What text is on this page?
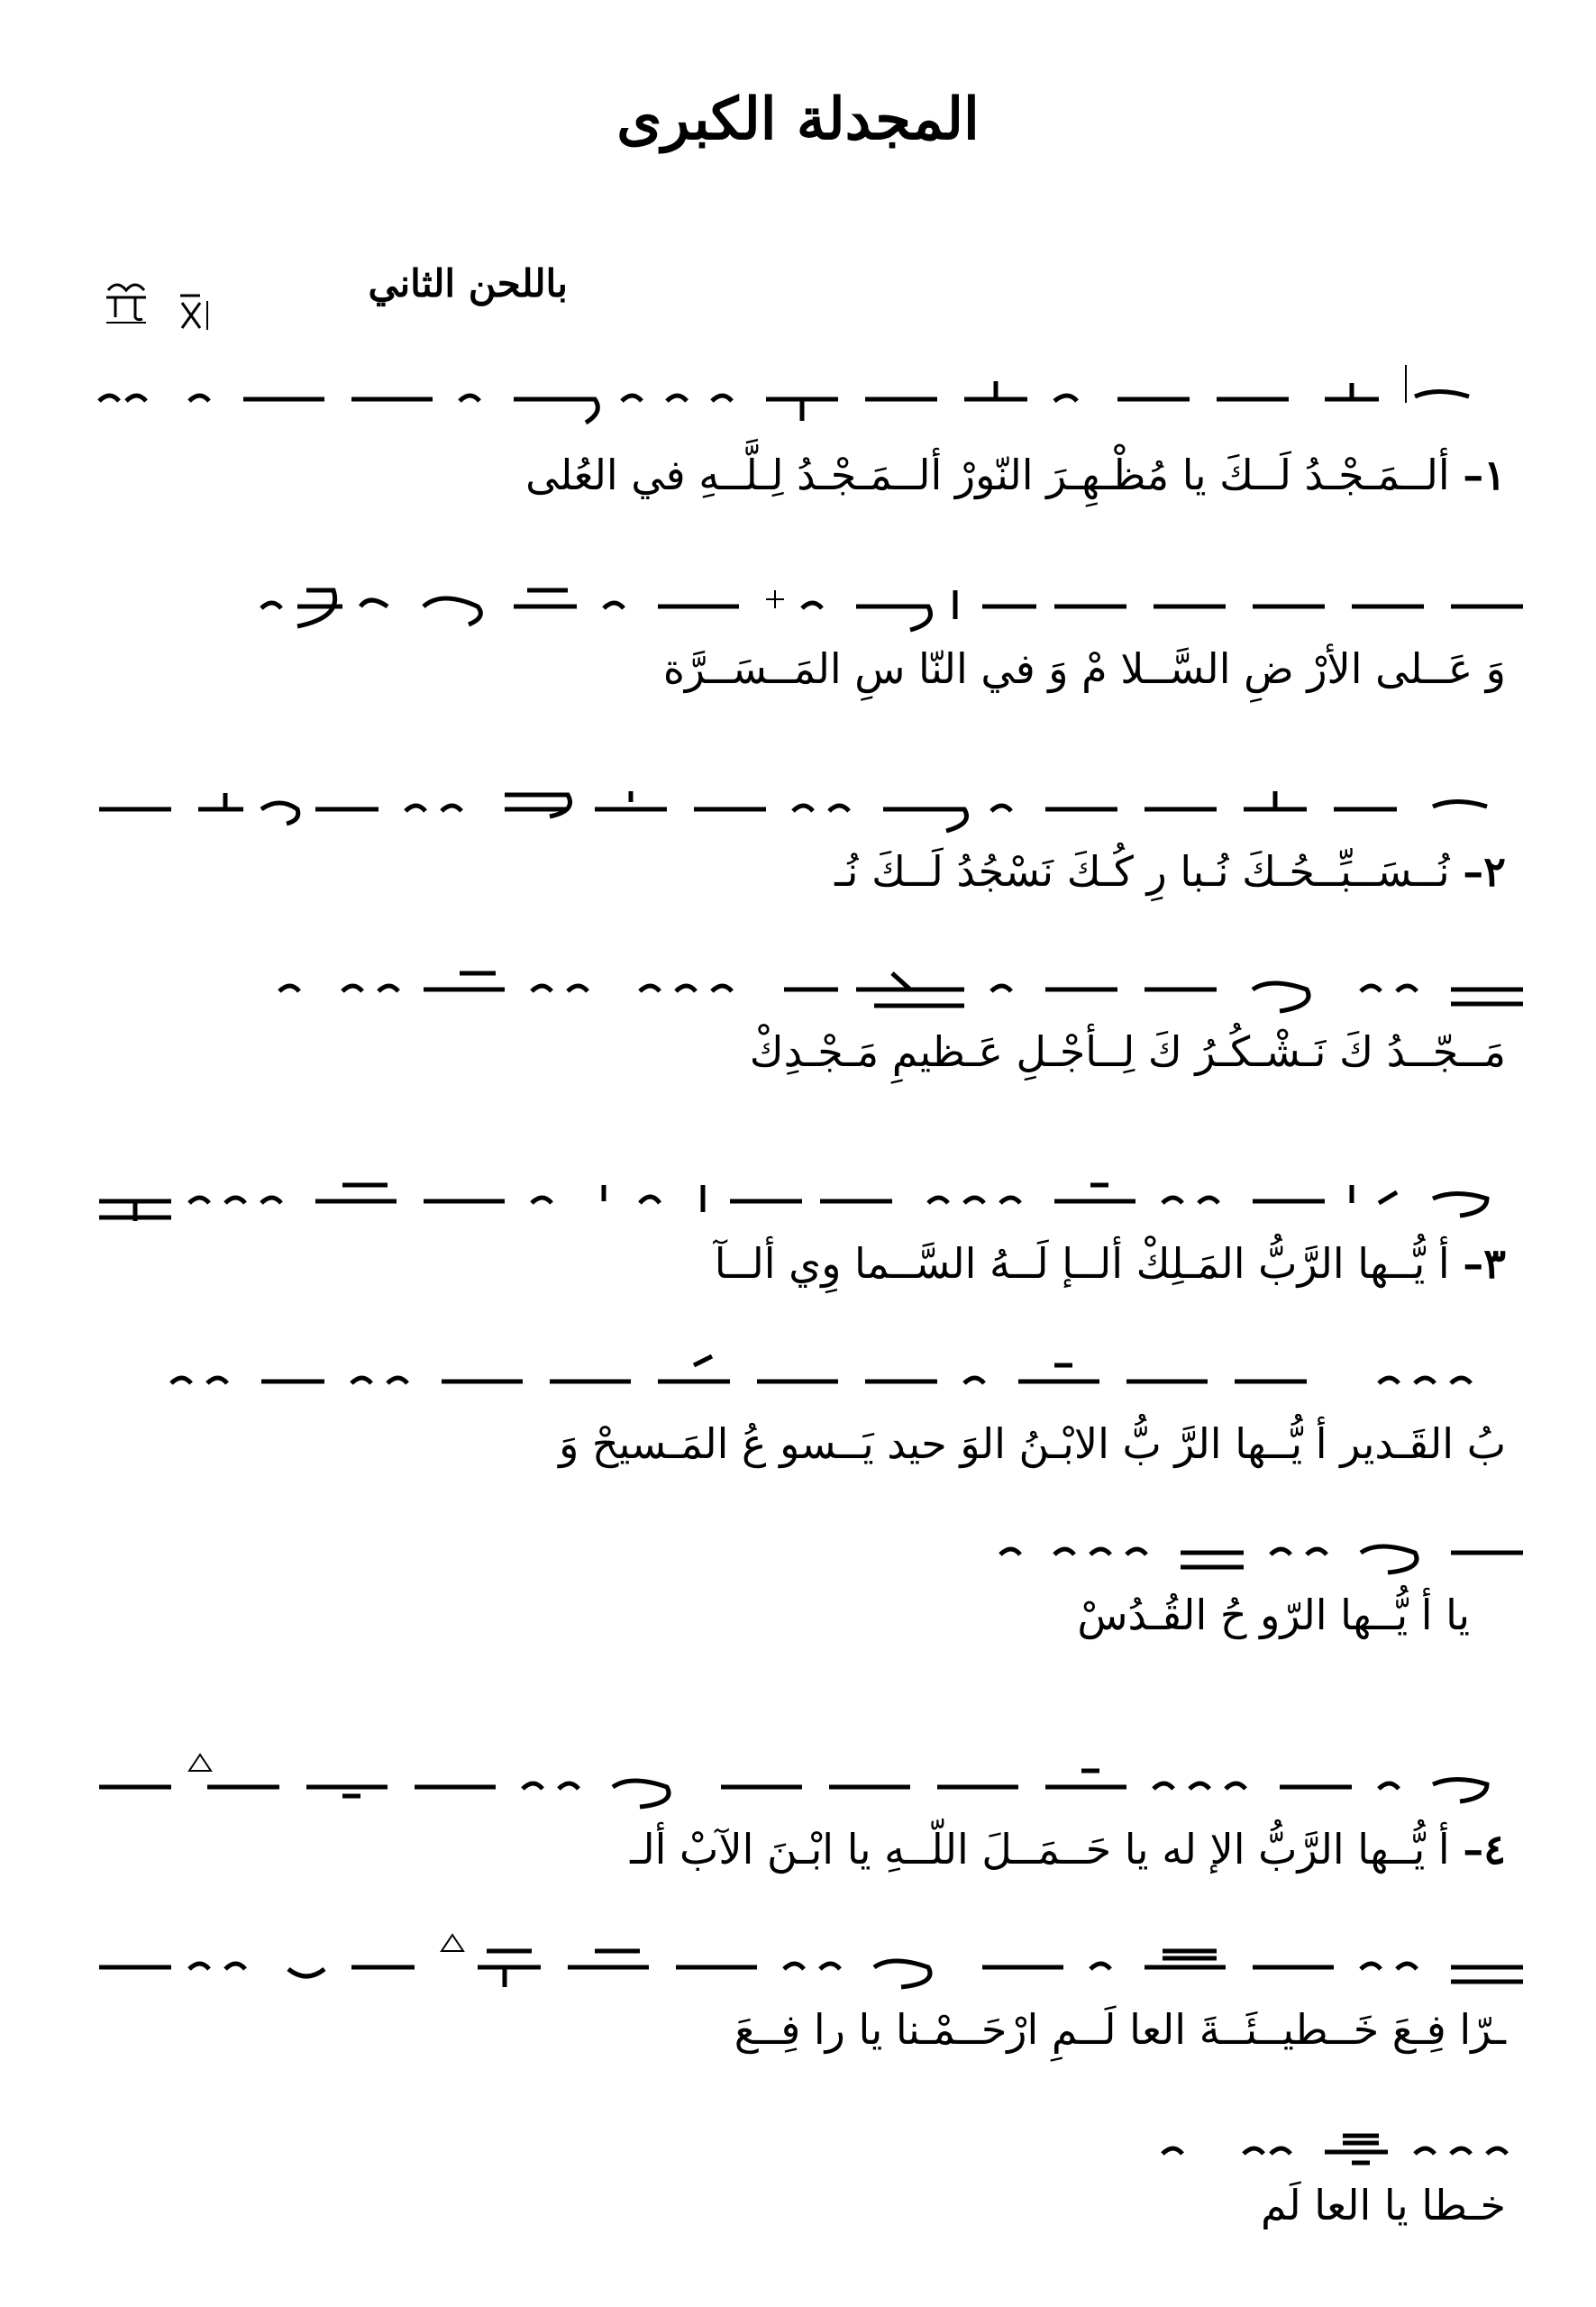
المجدلة الكبرى
باللحن الثاني
١– ألــمَـجْـدُ لَــكَ يا مُظْـهِـرَ النّورْ ألــمَـجْـدُ لِـلَّــهِ في العُلى
وَ عَــلى الأرْ ضِ السَّــلا مْ وَ في النّا سِ المَــسَــرَّة
٢– نُــسَــبِّــحُـكَ نُـبا رِ كُـكَ نَسْجُدُ لَــكَ نُـ
مَــجّــدُ كَ نَـشْـكُـرُ كَ لِــأجْـلِ عَـظيمِ مَـجْـدِكْ
٣– أ يُّــها الرَّبُّ المَـلِكْ ألــإ لَــهُ السَّــما وِي ألــآ
بُ القَـدير أ يُّــها الرَّ بُّ الابْـنُ الوَ حيد يَــسو عُ المَـسيحْ وَ
يا أ يُّــها الرّو حُ القُـدُسْ
٤– أ يُّــها الرَّبُّ الإ له يا حَــمَــلَ اللّــهِ يا ابْـنَ الآبْ ألـ
ـرّا فِـعَ خَــطيــئَــةَ العا لَــمِ ارْحَــمْـنا يا را فِــعَ
خـطا يا العا لَم
